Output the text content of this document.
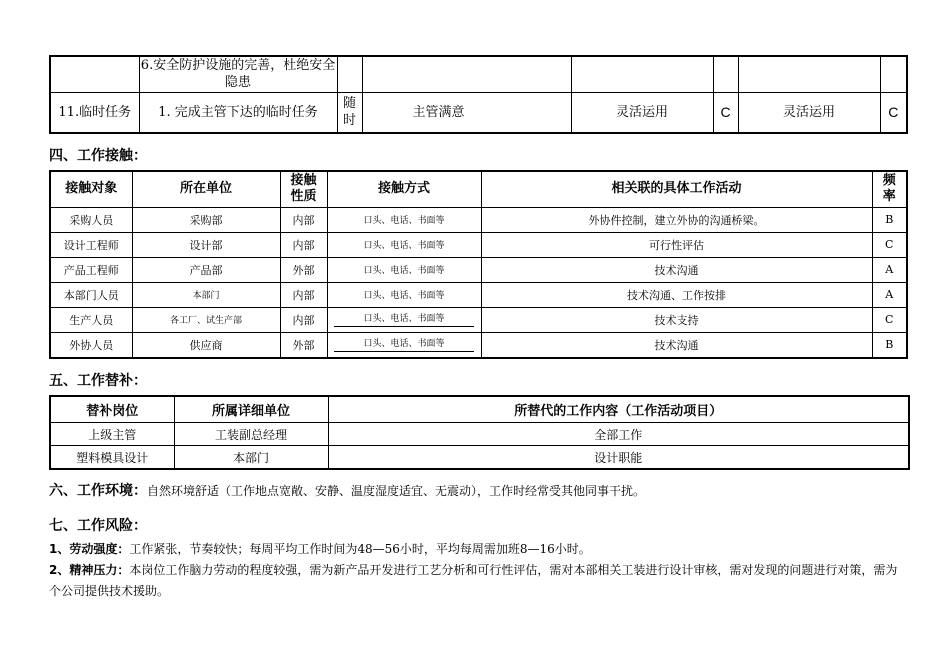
	6.安全防护设施的完善，杜绝安全隐患						
11.临时任务	1. 完成主管下达的临时任务	随时	主管满意	灵活运用	C	灵活运用	C
四、工作接触：
接触对象	所在单位	接触性质	接触方式	相关联的具体工作活动	频率
采购人员	采购部	内部	口头、电话、书面等	外协件控制，建立外协的沟通桥梁。	B
设计工程师	设计部	内部	口头、电话、书面等	可行性评估	C
产品工程师	产品部	外部	口头、电话、书面等	技术沟通	A
本部门人员	本部门	内部	口头、电话、书面等	技术沟通、工作按排	A
生产人员	各工厂、试生产部	内部	口头、电话、书面等	技术支持	C
外协人员	供应商	外部	口头、电话、书面等	技术沟通	B
五、工作替补：
替补岗位	所属详细单位	所替代的工作内容（工作活动项目）
上级主管	工装副总经理	全部工作
塑料模具设计	本部门	设计职能
六、工作环境：自然环境舒适（工作地点宽敞、安静、温度湿度适宜、无震动），工作时经常受其他同事干扰。
七、工作风险：
1、劳动强度：工作紧张，节奏较快；每周平均工作时间为48—56小时，平均每周需加班8—16小时。
2、精神压力：本岗位工作脑力劳动的程度较强，需为新产品开发进行工艺分析和可行性评估，需对本部相关工装进行设计审核，需对发现的问题进行对策，需为个公司提供技术援助。
